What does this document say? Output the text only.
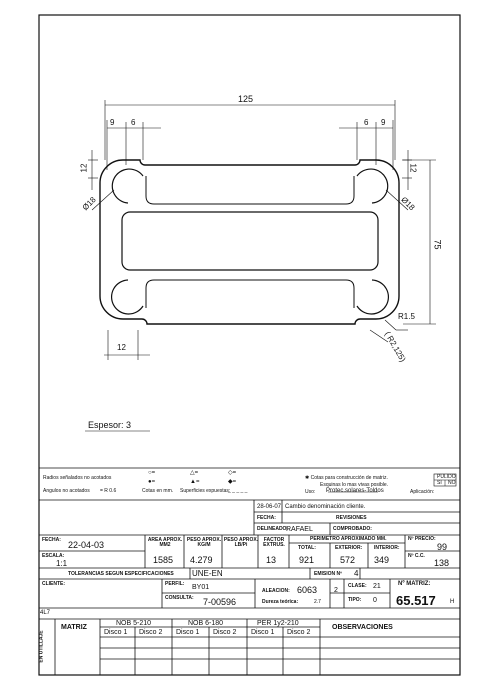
125
9 6	6 9
12	12
Ø18	Ø18
75
12
R1.5
( R2,125)
Espesor: 3
Radios señalados no acotados
Angulos no acotados = R 0.6	Cotas en mm. Superficies expuestas:
_ _ _ _ _
○=	△=	◇=
●=	▲=	◆=
✱ Cotas para construcción de matriz.
Esquinas lo mas vivas posible.
Uso: Protec.solares-Toldos	Aplicación:
PULIDO
SI NO
28-06-07 Cambio denominación cliente.
FECHA:	REVISIONES
DELINEADO:
RAFAEL	COMPROBADO:
FECHA: 22-04-03
ESCALA:
1:1
AREA APROX. MM2
1585
PESO APROX. KG/M
4.279
PESO APROX. LB/Pi
FACTOR EXTRUS.
13
PERIMETRO APROXIMADO MM.
TOTAL:
921
EXTERIOR:
572
INTERIOR:
349
Nº PRECIO:
99
Nº C.C.
138
TOLERANCIAS SEGUN ESPECIFICACIONES UNE-EN	EMISION Nº 4
CLIENTE:	PERFIL: BY01
CONSULTA: 7-00596
ALEACION: 6063
Dureza teórica:	2.7
2
CLASE: 21
TIPO: 0
Nº MATRIZ:
65.517 H
4L7
EN UTILLAJE
MATRIZ
NOB 5-210	NOB 6-180	PER 1y2-210
Disco 1 Disco 2 Disco 1 Disco 2 Disco 1 Disco 2
OBSERVACIONES
